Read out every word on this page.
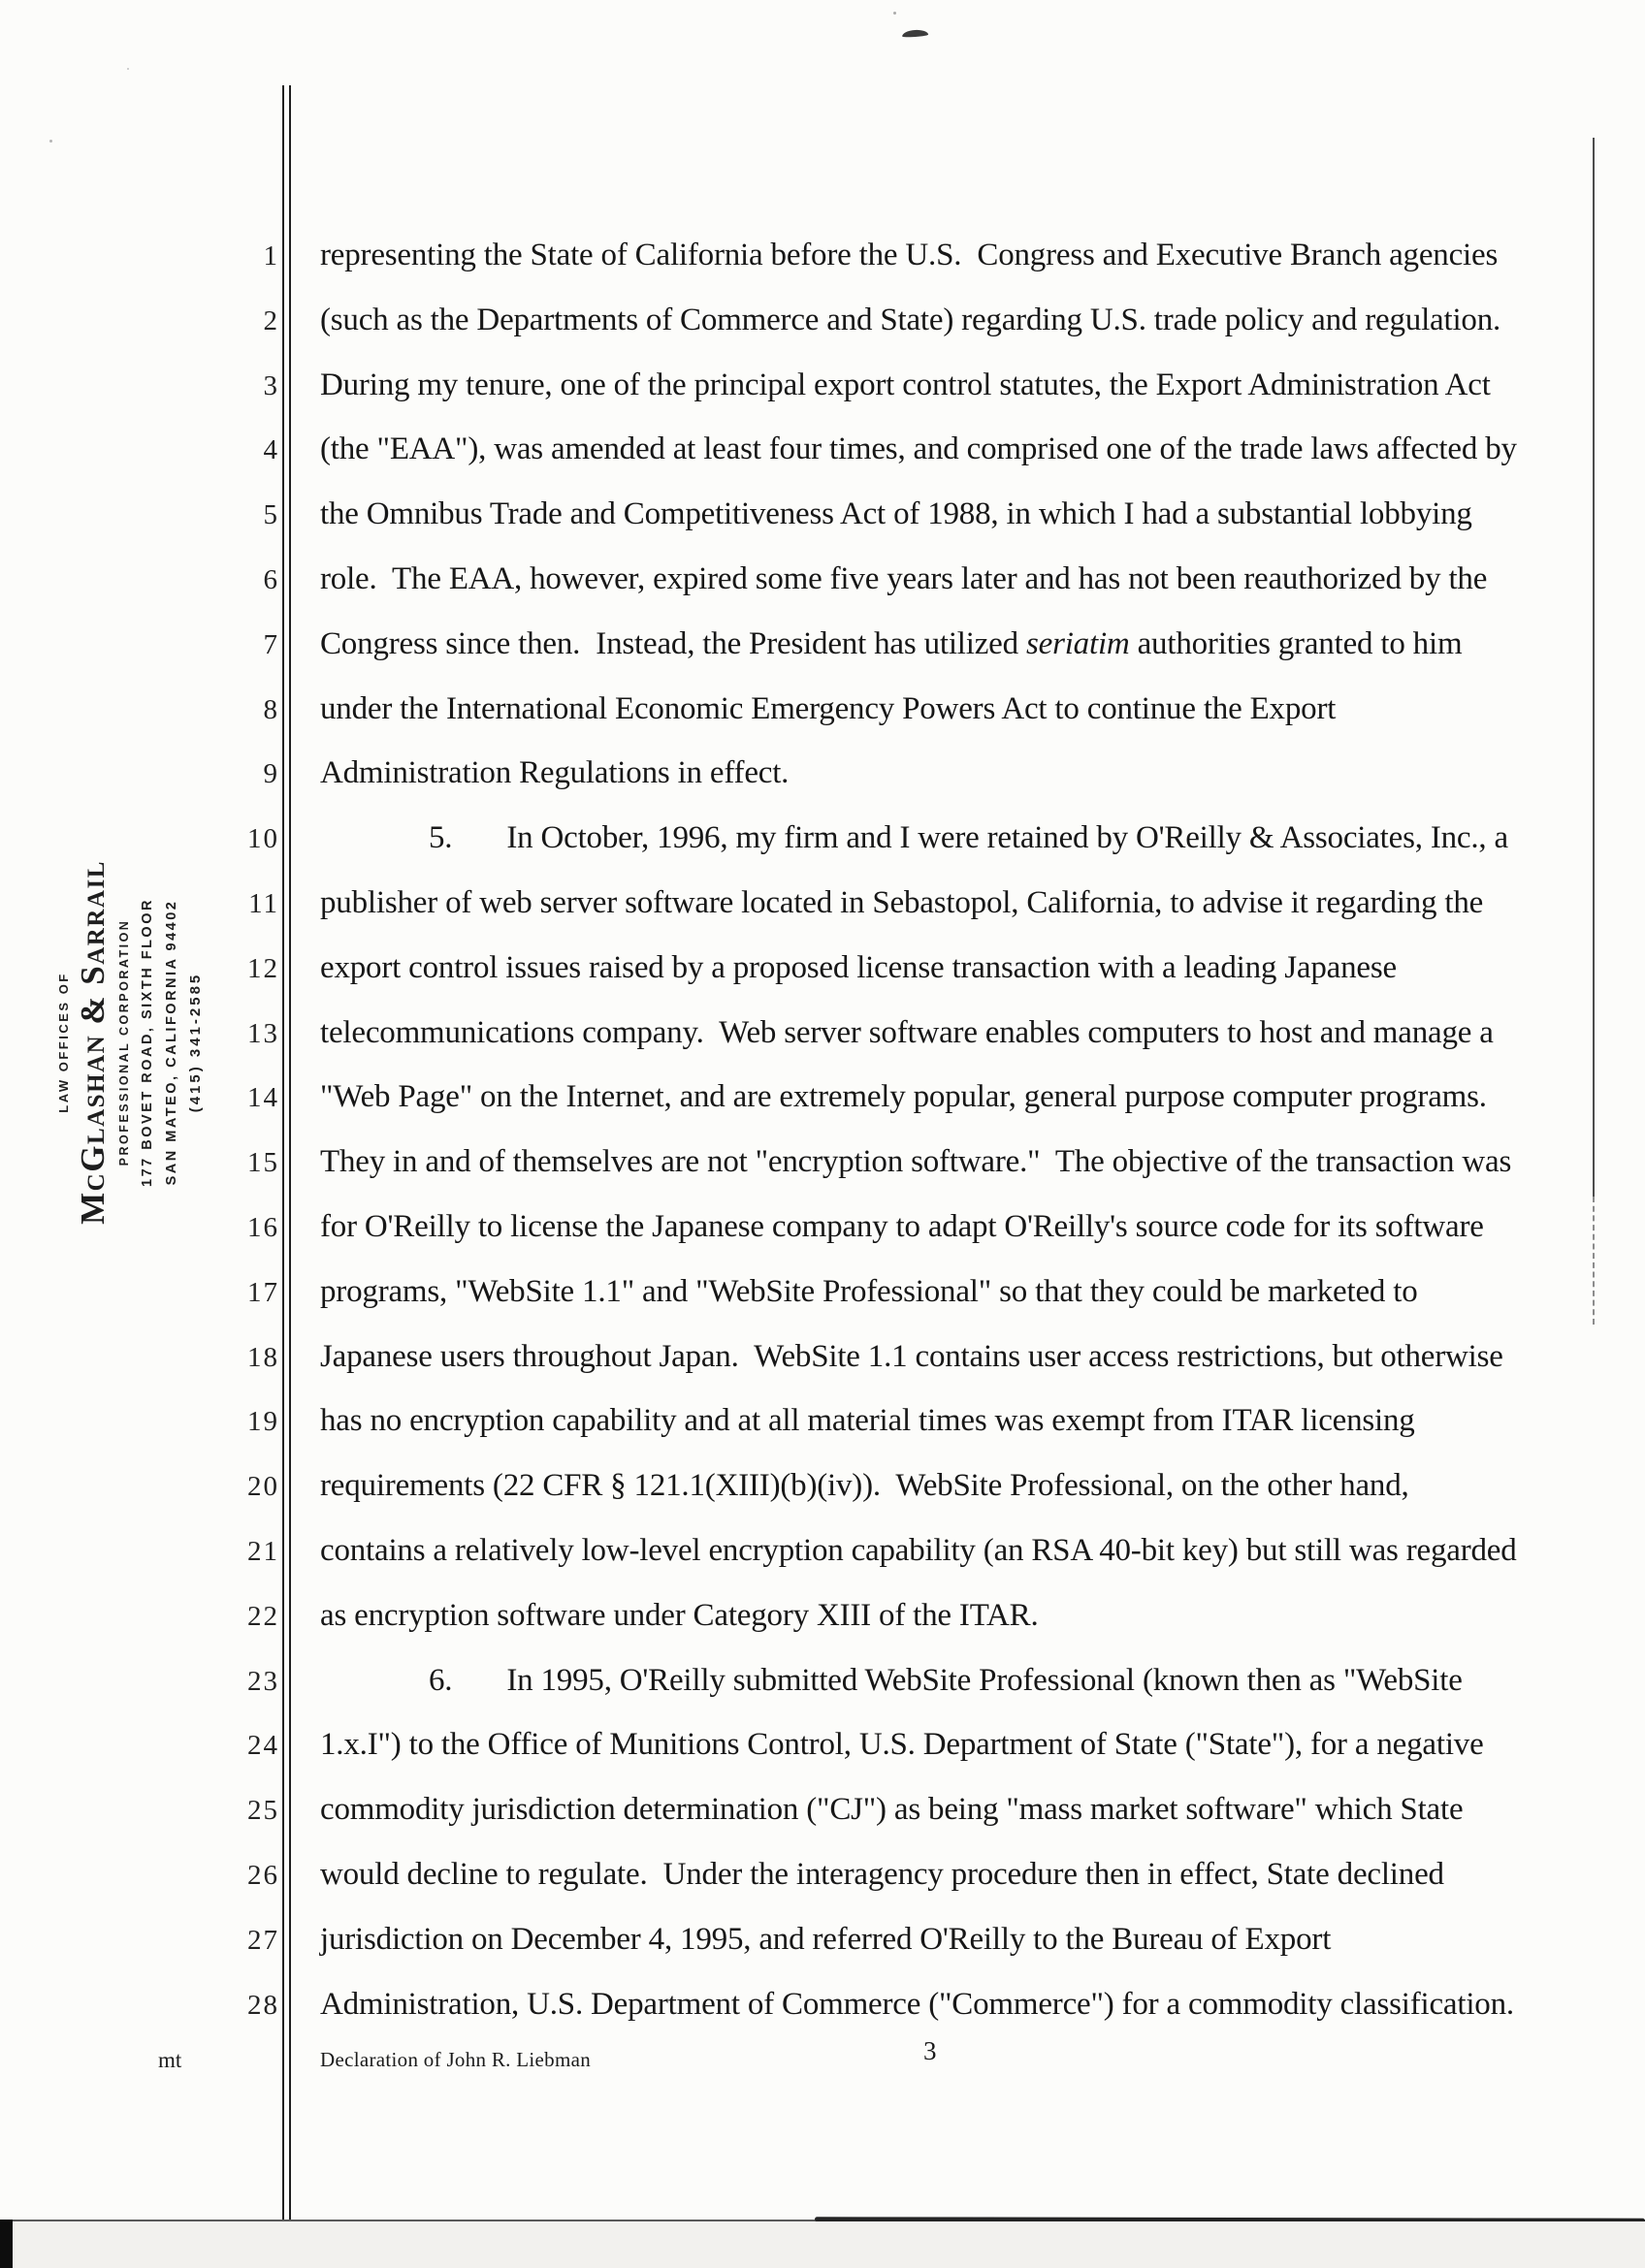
LAW OFFICES OF McGlashan & Sarrail PROFESSIONAL CORPORATION 177 BOVET ROAD, SIXTH FLOOR SAN MATEO, CALIFORNIA 94402 (415) 341-2585
1 representing the State of California before the U.S.  Congress and Executive Branch agencies
2 (such as the Departments of Commerce and State) regarding U.S. trade policy and regulation.
3 During my tenure, one of the principal export control statutes, the Export Administration Act
4 (the "EAA"), was amended at least four times, and comprised one of the trade laws affected by
5 the Omnibus Trade and Competitiveness Act of 1988, in which I had a substantial lobbying
6 role.  The EAA, however, expired some five years later and has not been reauthorized by the
7 Congress since then.  Instead, the President has utilized seriatim authorities granted to him
8 under the International Economic Emergency Powers Act to continue the Export
9 Administration Regulations in effect.
10	5. In October, 1996, my firm and I were retained by O'Reilly & Associates, Inc., a
11 publisher of web server software located in Sebastopol, California, to advise it regarding the
12 export control issues raised by a proposed license transaction with a leading Japanese
13 telecommunications company.  Web server software enables computers to host and manage a
14 "Web Page" on the Internet, and are extremely popular, general purpose computer programs.
15 They in and of themselves are not "encryption software."  The objective of the transaction was
16 for O'Reilly to license the Japanese company to adapt O'Reilly's source code for its software
17 programs, "WebSite 1.1" and "WebSite Professional" so that they could be marketed to
18 Japanese users throughout Japan.  WebSite 1.1 contains user access restrictions, but otherwise
19 has no encryption capability and at all material times was exempt from ITAR licensing
20 requirements (22 CFR § 121.1(XIII)(b)(iv)).  WebSite Professional, on the other hand,
21 contains a relatively low-level encryption capability (an RSA 40-bit key) but still was regarded
22 as encryption software under Category XIII of the ITAR.
23	6. In 1995, O'Reilly submitted WebSite Professional (known then as "WebSite
24 1.x.I") to the Office of Munitions Control, U.S. Department of State ("State"), for a negative
25 commodity jurisdiction determination ("CJ") as being "mass market software" which State
26 would decline to regulate.  Under the interagency procedure then in effect, State declined
27 jurisdiction on December 4, 1995, and referred O'Reilly to the Bureau of Export
28 Administration, U.S. Department of Commerce ("Commerce") for a commodity classification.
mt	Declaration of John R. Liebman	3
